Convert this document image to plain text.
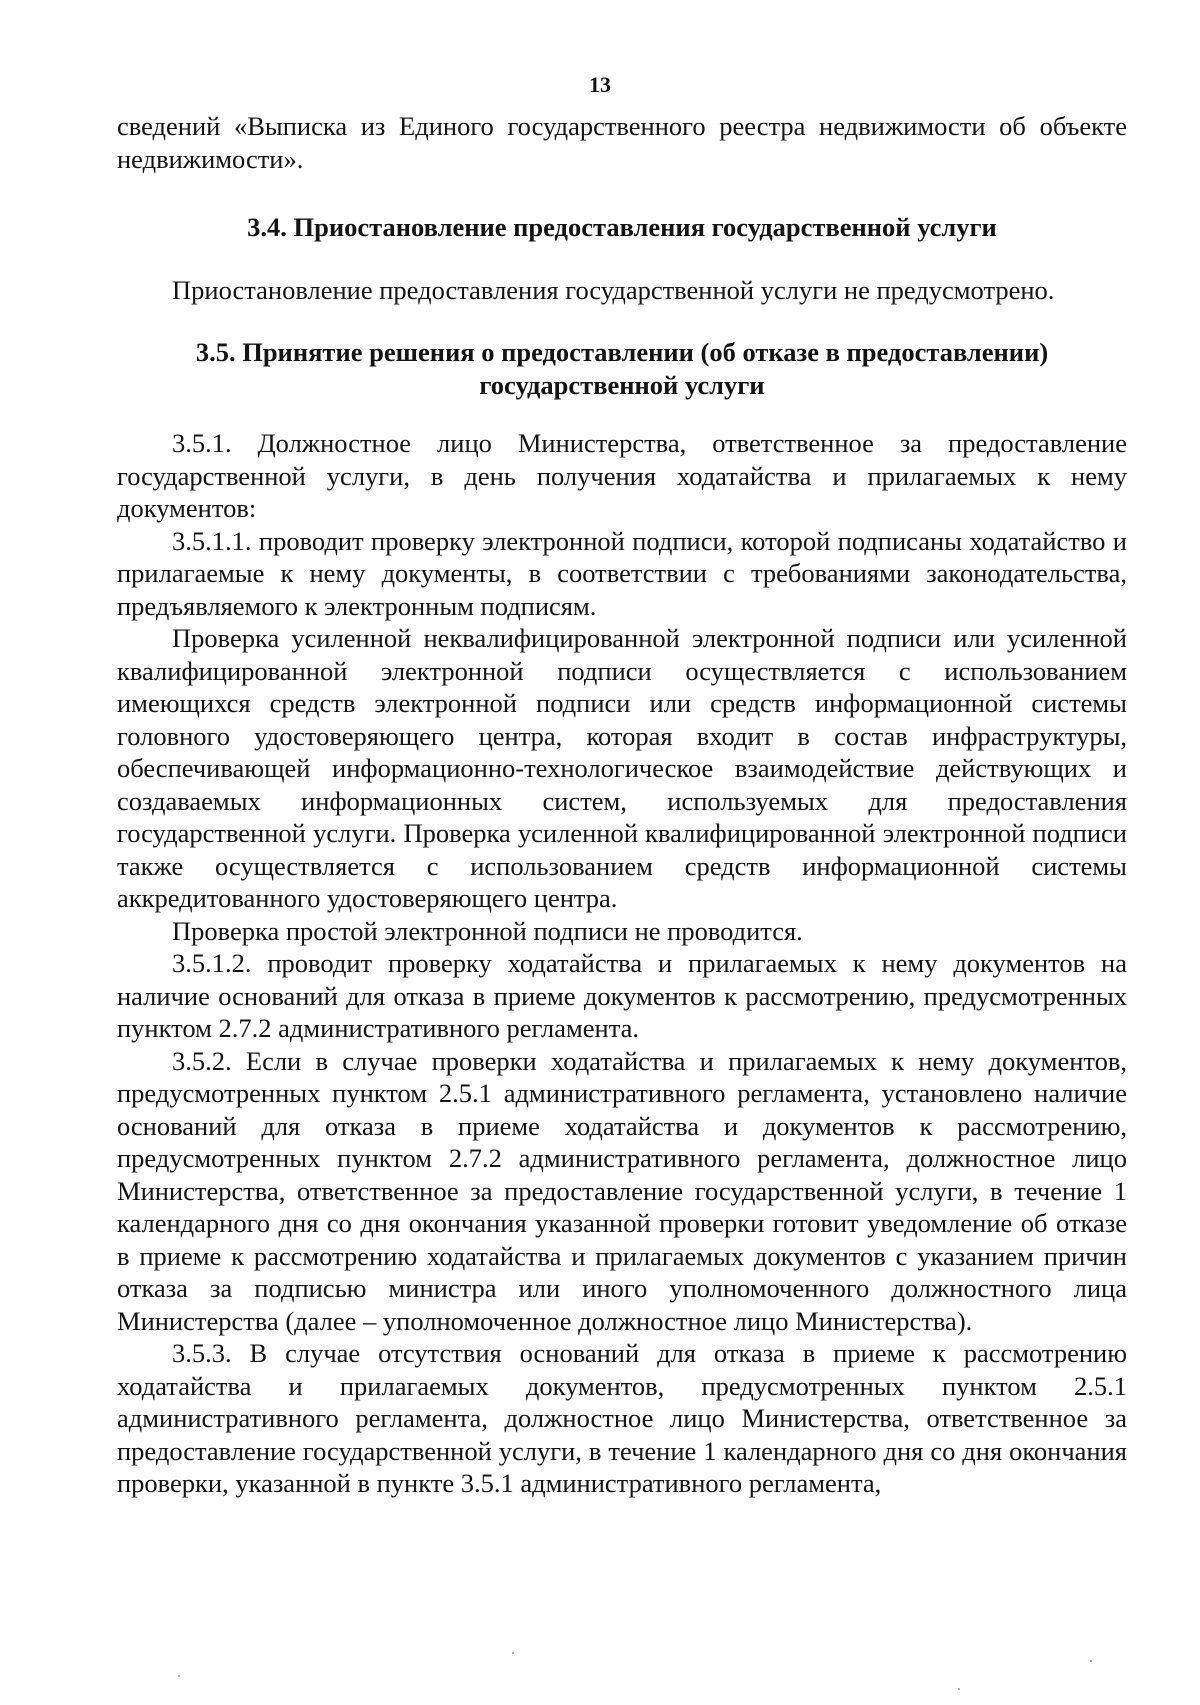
13

сведений «Выписка из Единого государственного реестра недвижимости об объекте недвижимости».

3.4. Приостановление предоставления государственной услуги

Приостановление предоставления государственной услуги не предусмотрено.

3.5. Принятие решения о предоставлении (об отказе в предоставлении)

государственной услуги

3.5.1. Должностное лицо Министерства, ответственное за предоставление государственной услуги, в день получения ходатайства и прилагаемых к нему документов:

3.5.1.1. проводит проверку электронной подписи, которой подписаны ходатайство и прилагаемые к нему документы, в соответствии с требованиями законодательства, предъявляемого к электронным подписям.

Проверка усиленной неквалифицированной электронной подписи или усиленной квалифицированной электронной подписи осуществляется с использованием имеющихся средств электронной подписи или средств информационной системы головного удостоверяющего центра, которая входит в состав инфраструктуры, обеспечивающей информационно-технологическое взаимодействие действующих и создаваемых информационных систем, используемых для предоставления государственной услуги. Проверка усиленной квалифицированной электронной подписи также осуществляется с использованием средств информационной системы аккредитованного удостоверяющего центра.

Проверка простой электронной подписи не проводится.

3.5.1.2. проводит проверку ходатайства и прилагаемых к нему документов на наличие оснований для отказа в приеме документов к рассмотрению, предусмотренных пунктом 2.7.2 административного регламента.

3.5.2. Если в случае проверки ходатайства и прилагаемых к нему документов, предусмотренных пунктом 2.5.1 административного регламента, установлено наличие оснований для отказа в приеме ходатайства и документов к рассмотрению, предусмотренных пунктом 2.7.2 административного регламента, должностное лицо Министерства, ответственное за предоставление государственной услуги, в течение 1 календарного дня со дня окончания указанной проверки готовит уведомление об отказе в приеме к рассмотрению ходатайства и прилагаемых документов с указанием причин отказа за подписью министра или иного уполномоченного должностного лица Министерства (далее – уполномоченное должностное лицо Министерства).

3.5.3. В случае отсутствия оснований для отказа в приеме к рассмотрению ходатайства и прилагаемых документов, предусмотренных пунктом 2.5.1 административного регламента, должностное лицо Министерства, ответственное за предоставление государственной услуги, в течение 1 календарного дня со дня окончания проверки, указанной в пункте 3.5.1 административного регламента,
